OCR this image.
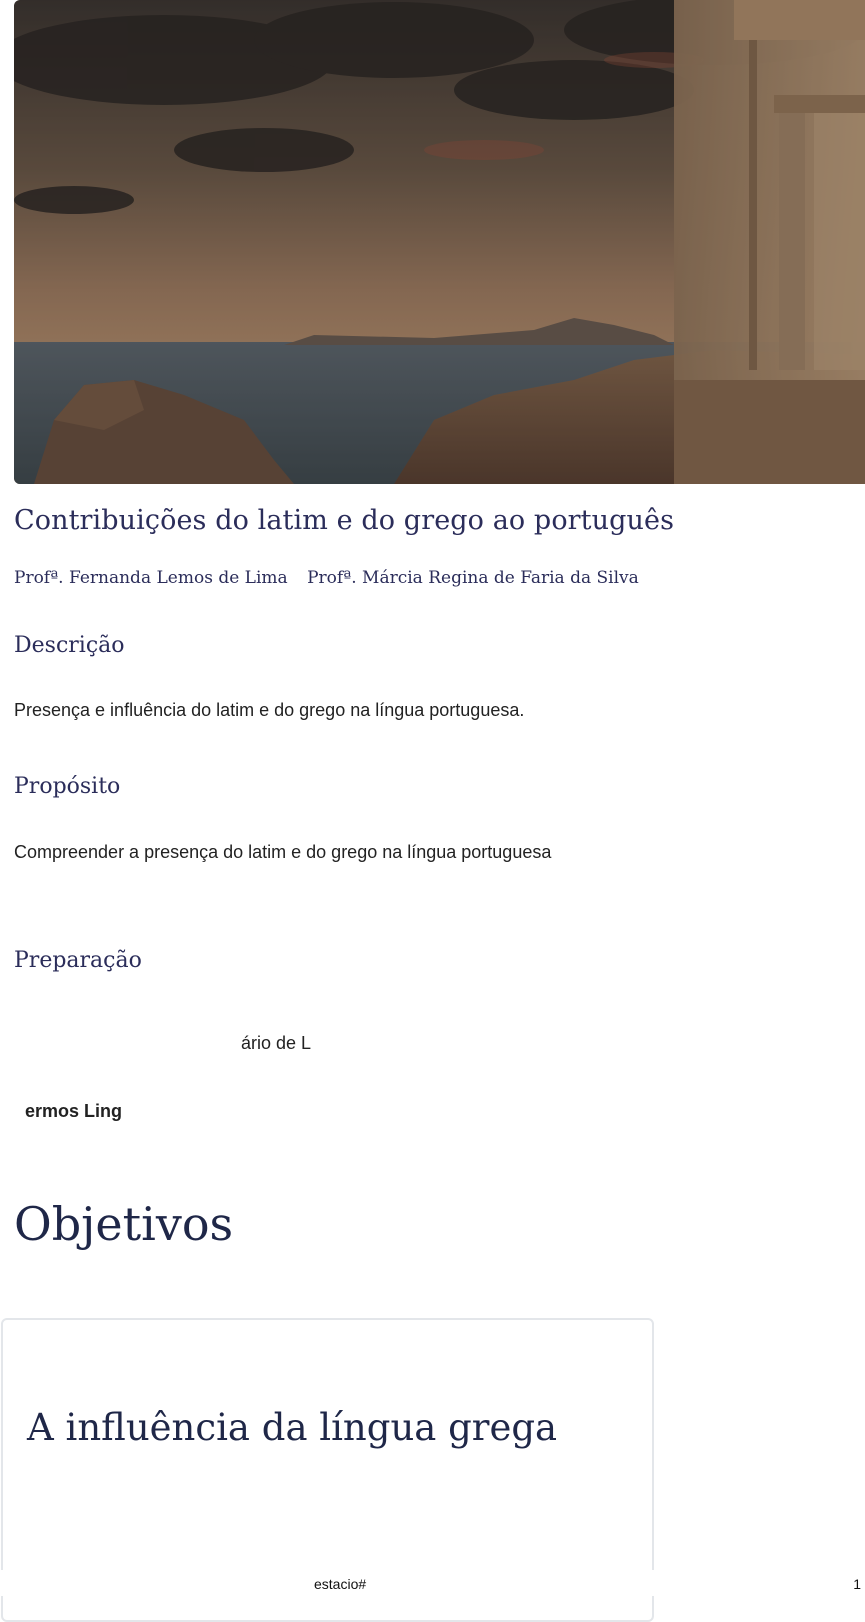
Contribuições do latim e do grego ao português
Profª. Fernanda Lemos de Lima Profª. Márcia Regina de Faria da Silva
Descrição
Presença e influência do latim e do grego na língua portuguesa.
Propósito
Compreender a presença do latim e do grego na língua portuguesa
Preparação
ário de L
ermos Ling
Objetivos
A influência da língua grega
estacio#	1
